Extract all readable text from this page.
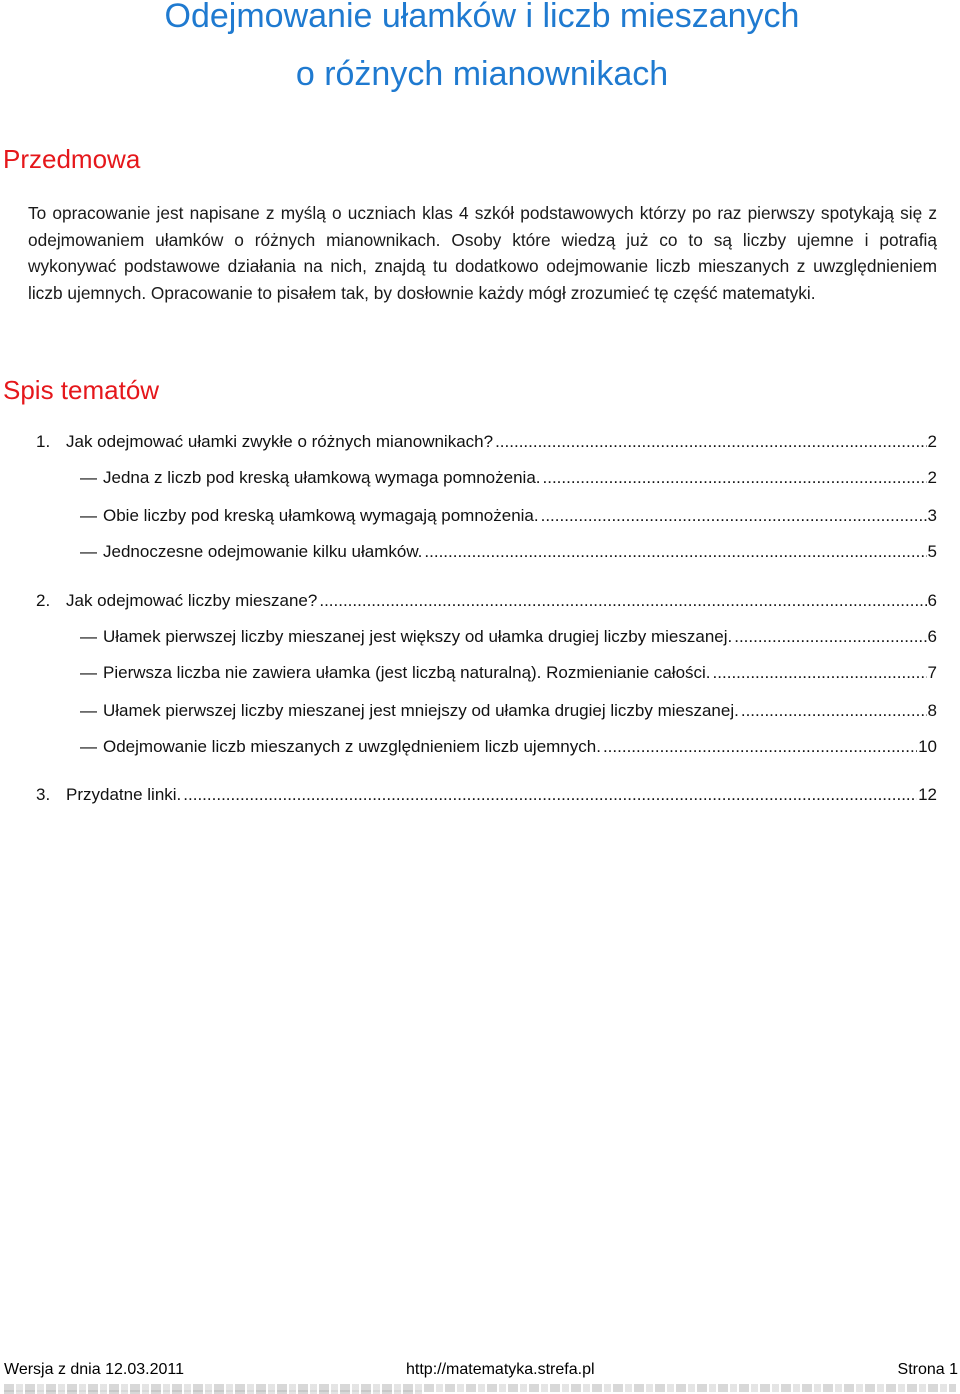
Odejmowanie ułamków i liczb mieszanych
o różnych mianownikach
Przedmowa

To opracowanie jest napisane z myślą o uczniach klas 4 szkół podstawowych którzy po raz pierwszy spotykają się z odejmowaniem ułamków o różnych mianownikach. Osoby które wiedzą już co to są liczby ujemne i potrafią wykonywać podstawowe działania na nich, znajdą tu dodatkowo odejmowanie liczb mieszanych z uwzględnieniem liczb ujemnych. Opracowanie to pisałem tak, by dosłownie każdy mógł zrozumieć tę część matematyki.

Spis tematów
1. Jak odejmować ułamki zwykłe o różnych mianownikach? .....	2
—
Jedna z liczb pod kreską ułamkową wymaga pomnożenia. .....	2
—
Obie liczby pod kreską ułamkową wymagają pomnożenia. .....	3
—
Jednoczesne odejmowanie kilku ułamków. .....	5
2. Jak odejmować liczby mieszane? .....	6
—
Ułamek pierwszej liczby mieszanej jest większy od ułamka drugiej liczby mieszanej. .....	6
—
Pierwsza liczba nie zawiera ułamka (jest liczbą naturalną). Rozmienianie całości. .....	7
—
Ułamek pierwszej liczby mieszanej jest mniejszy od ułamka drugiej liczby mieszanej. .....	8
—
Odejmowanie liczb mieszanych z uwzględnieniem liczb ujemnych. .....	10
3. Przydatne linki. .....	12
Wersja z dnia 12.03.2011	http://matematyka.strefa.pl	Strona 1
